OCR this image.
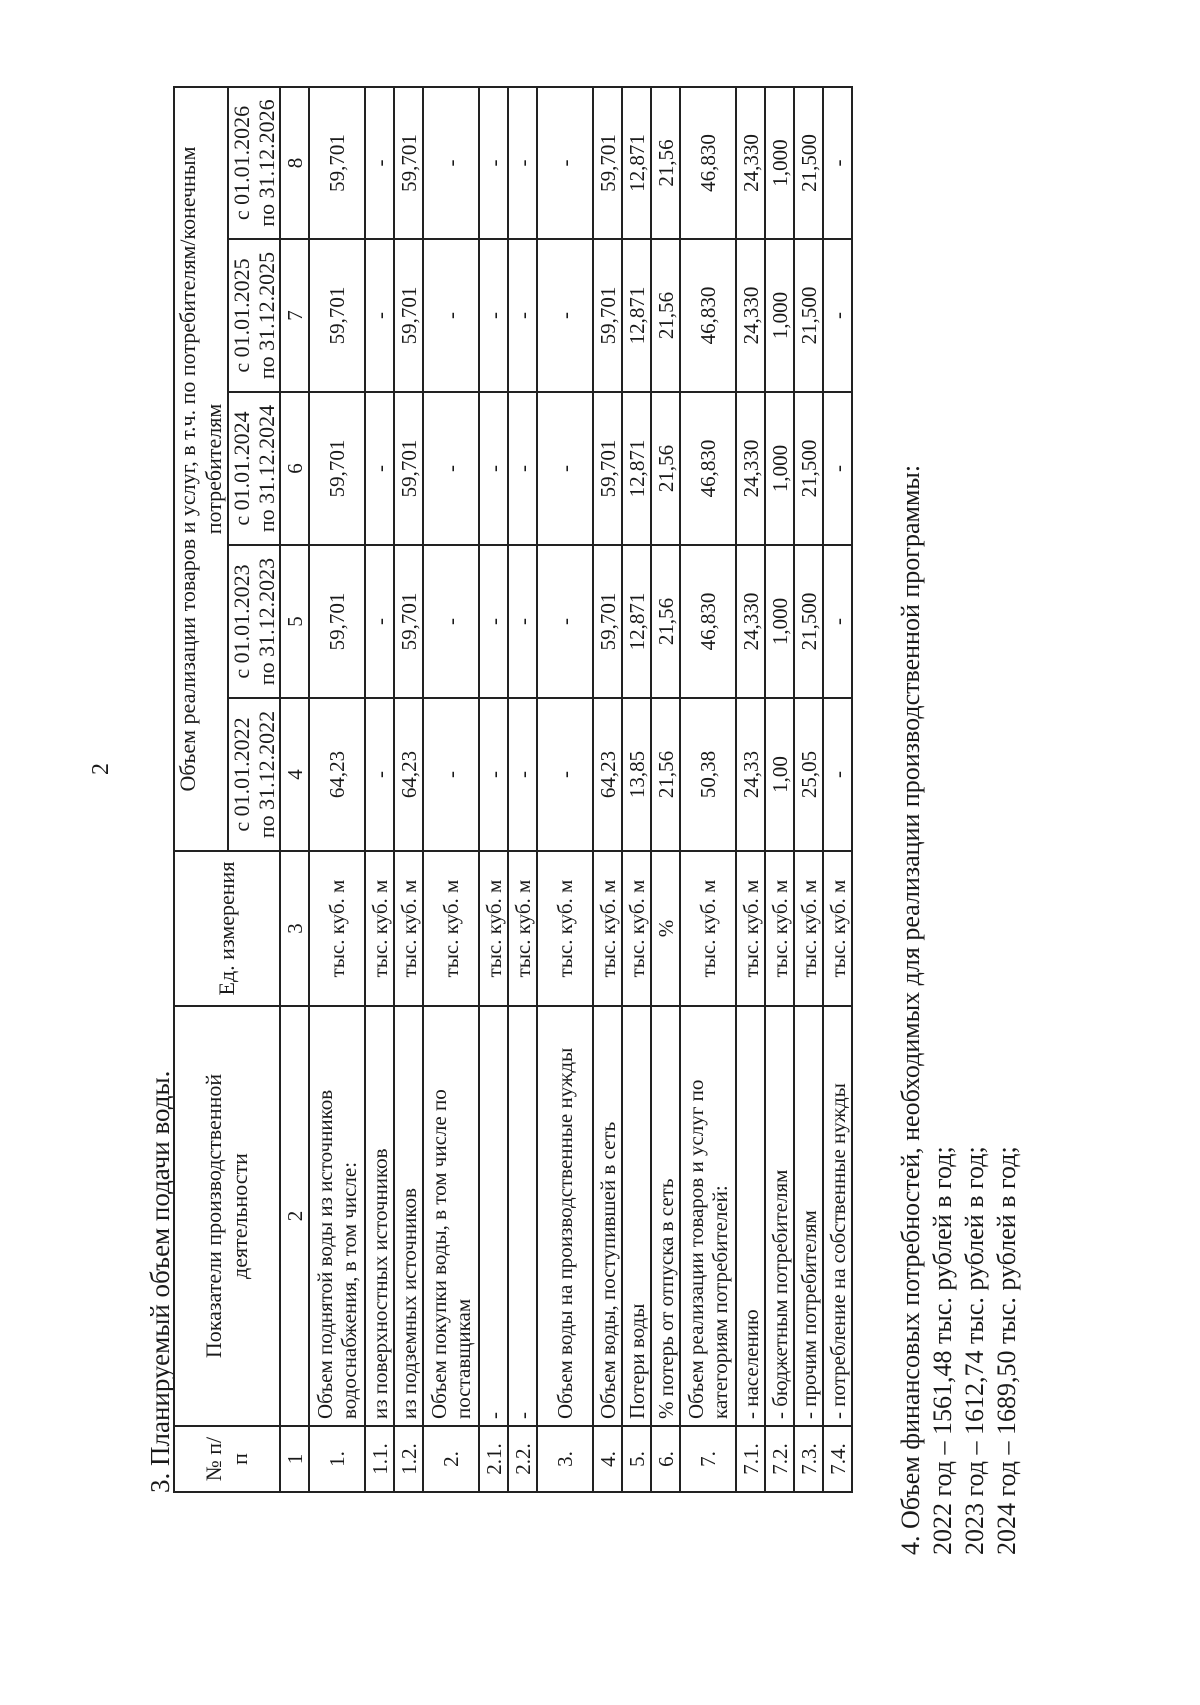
2
3. Планируемый объем подачи воды. № п/п	Показатели производственной деятельности	Ед. измерения	Объем реализации товаров и услуг, в т.ч. по потребителям/конечным потребителям				
			с 01.01.2022 по 31.12.2022	с 01.01.2023 по 31.12.2023	с 01.01.2024 по 31.12.2024	с 01.01.2025 по 31.12.2025	с 01.01.2026 по 31.12.2026
1	2	3	4	5	6	7	8
1.	Объем поднятой воды из источников водоснабжения, в том числе:	тыс. куб. м	64,23	59,701	59,701	59,701	59,701
1.1.	из поверхностных источников	тыс. куб. м	-	-	-	-	-
1.2.	из подземных источников	тыс. куб. м	64,23	59,701	59,701	59,701	59,701
2.	Объем покупки воды, в том числе по поставщикам	тыс. куб. м	-	-	-	-	-
2.1.	-	тыс. куб. м	-	-	-	-	-
2.2.	-	тыс. куб. м	-	-	-	-	-
3.	Объем воды на производственные нужды	тыс. куб. м	-	-	-	-	-
4.	Объем воды, поступившей в сеть	тыс. куб. м	64,23	59,701	59,701	59,701	59,701
5.	Потери воды	тыс. куб. м	13,85	12,871	12,871	12,871	12,871
6.	% потерь от отпуска в сеть	%	21,56	21,56	21,56	21,56	21,56
7.	Объем реализации товаров и услуг по категориям потребителей:	тыс. куб. м	50,38	46,830	46,830	46,830	46,830
7.1.	- населению	тыс. куб. м	24,33	24,330	24,330	24,330	24,330
7.2.	- бюджетным потребителям	тыс. куб. м	1,00	1,000	1,000	1,000	1,000
7.3.	- прочим потребителям	тыс. куб. м	25,05	21,500	21,500	21,500	21,500
7.4.	- потребление на собственные нужды	тыс. куб. м	-	-	-	-	-
4. Объем финансовых потребностей, необходимых для реализации производственной программы: 2022 год – 1561,48 тыс. рублей в год; 2023 год – 1612,74 тыс. рублей в год; 2024 год – 1689,50 тыс. рублей в год;
